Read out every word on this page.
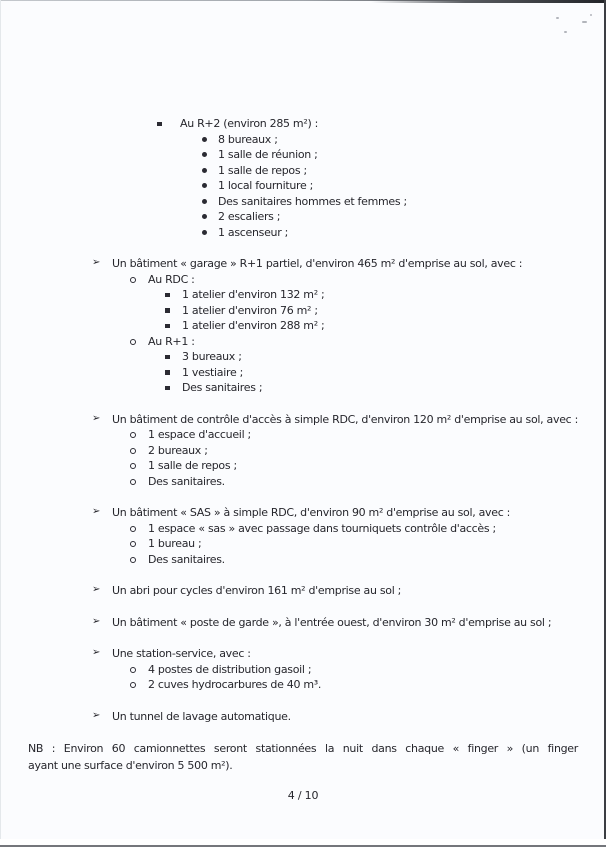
Au R+2 (environ 285 m²) :
8 bureaux ;
1 salle de réunion ;
1 salle de repos ;
1 local fourniture ;
Des sanitaires hommes et femmes ;
2 escaliers ;
1 ascenseur ;
➢ Un bâtiment « garage » R+1 partiel, d'environ 465 m² d'emprise au sol, avec :
Au RDC :
1 atelier d'environ 132 m² ;
1 atelier d'environ 76 m² ;
1 atelier d'environ 288 m² ;
Au R+1 :
3 bureaux ;
1 vestiaire ;
Des sanitaires ;
➢ Un bâtiment de contrôle d'accès à simple RDC, d'environ 120 m² d'emprise au sol, avec :
1 espace d'accueil ;
2 bureaux ;
1 salle de repos ;
Des sanitaires.
➢ Un bâtiment « SAS » à simple RDC, d'environ 90 m² d'emprise au sol, avec :
1 espace « sas » avec passage dans tourniquets contrôle d'accès ;
1 bureau ;
Des sanitaires.
➢ Un abri pour cycles d'environ 161 m² d'emprise au sol ;
➢ Un bâtiment « poste de garde », à l'entrée ouest, d'environ 30 m² d'emprise au sol ;
➢ Une station-service, avec :
4 postes de distribution gasoil ;
2 cuves hydrocarbures de 40 m³.
➢ Un tunnel de lavage automatique.
NB : Environ 60 camionnettes seront stationnées la nuit dans chaque « finger » (un finger
ayant une surface d'environ 5 500 m²).
4 / 10
